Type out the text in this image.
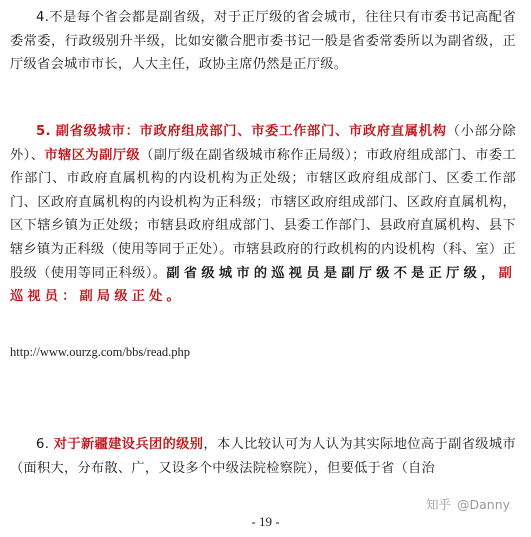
4.不是每个省会都是副省级，对于正厅级的省会城市，往往只有市委书记高配省委常委，行政级别升半级，比如安徽合肥市委书记一般是省委常委所以为副省级，正厅级省会城市市长，人大主任，政协主席仍然是正厅级。

5. 副省级城市：市政府组成部门、市委工作部门、市政府直属机构（小部分除外）、市辖区为副厅级（副厅级在副省级城市称作正局级）；市政府组成部门、市委工作部门、市政府直属机构的内设机构为正处级；市辖区政府组成部门、区委工作部门、区政府直属机构的内设机构为正科级；市辖区政府组成部门、区政府直属机构，区下辖乡镇为正处级；市辖县政府组成部门、县委工作部门、县政府直属机构、县下辖乡镇为正科级（使用等同于正处）。市辖县政府的行政机构的内设机构（科、室）正股级（使用等同正科级）。副省级城市的巡视员是副厅级不是正厅级，副巡视员：副局级正处。

http://www.ourzg.com/bbs/read.php

6. 对于新疆建设兵团的级别，本人比较认可为人认为其实际地位高于副省级城市（面积大，分布散、广，又设多个中级法院检察院），但要低于省（自治

知乎 @Danny
- 19 -
